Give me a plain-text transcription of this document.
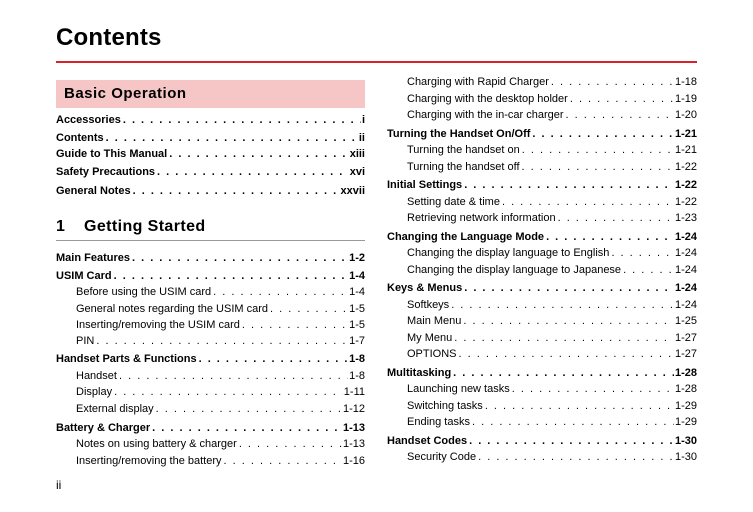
Contents
Basic Operation
Accessories . . .	i
Contents . . .	ii
Guide to This Manual . . .	xiii
Safety Precautions . . .	xvi
General Notes . . .	xxvii
1 Getting Started
Main Features . . .	1-2
USIM Card . . .	1-4
Before using the USIM card . . .	1-4
General notes regarding the USIM card . . .	1-5
Inserting/removing the USIM card . . .	1-5
PIN . . .	1-7
Handset Parts & Functions . . .	1-8
Handset . . .	1-8
Display . . .	1-11
External display . . .	1-12
Battery & Charger . . .	1-13
Notes on using battery & charger . . .	1-13
Inserting/removing the battery . . .	1-16
Charging with Rapid Charger . . .	1-18
Charging with the desktop holder . . .	1-19
Charging with the in-car charger . . .	1-20
Turning the Handset On/Off . . .	1-21
Turning the handset on . . .	1-21
Turning the handset off . . .	1-22
Initial Settings . . .	1-22
Setting date & time . . .	1-22
Retrieving network information . . .	1-23
Changing the Language Mode . . .	1-24
Changing the display language to English . . .	1-24
Changing the display language to Japanese . . .	1-24
Keys & Menus . . .	1-24
Softkeys . . .	1-24
Main Menu . . .	1-25
My Menu . . .	1-27
OPTIONS . . .	1-27
Multitasking . . .	1-28
Launching new tasks . . .	1-28
Switching tasks . . .	1-29
Ending tasks . . .	1-29
Handset Codes . . .	1-30
Security Code . . .	1-30
ii
